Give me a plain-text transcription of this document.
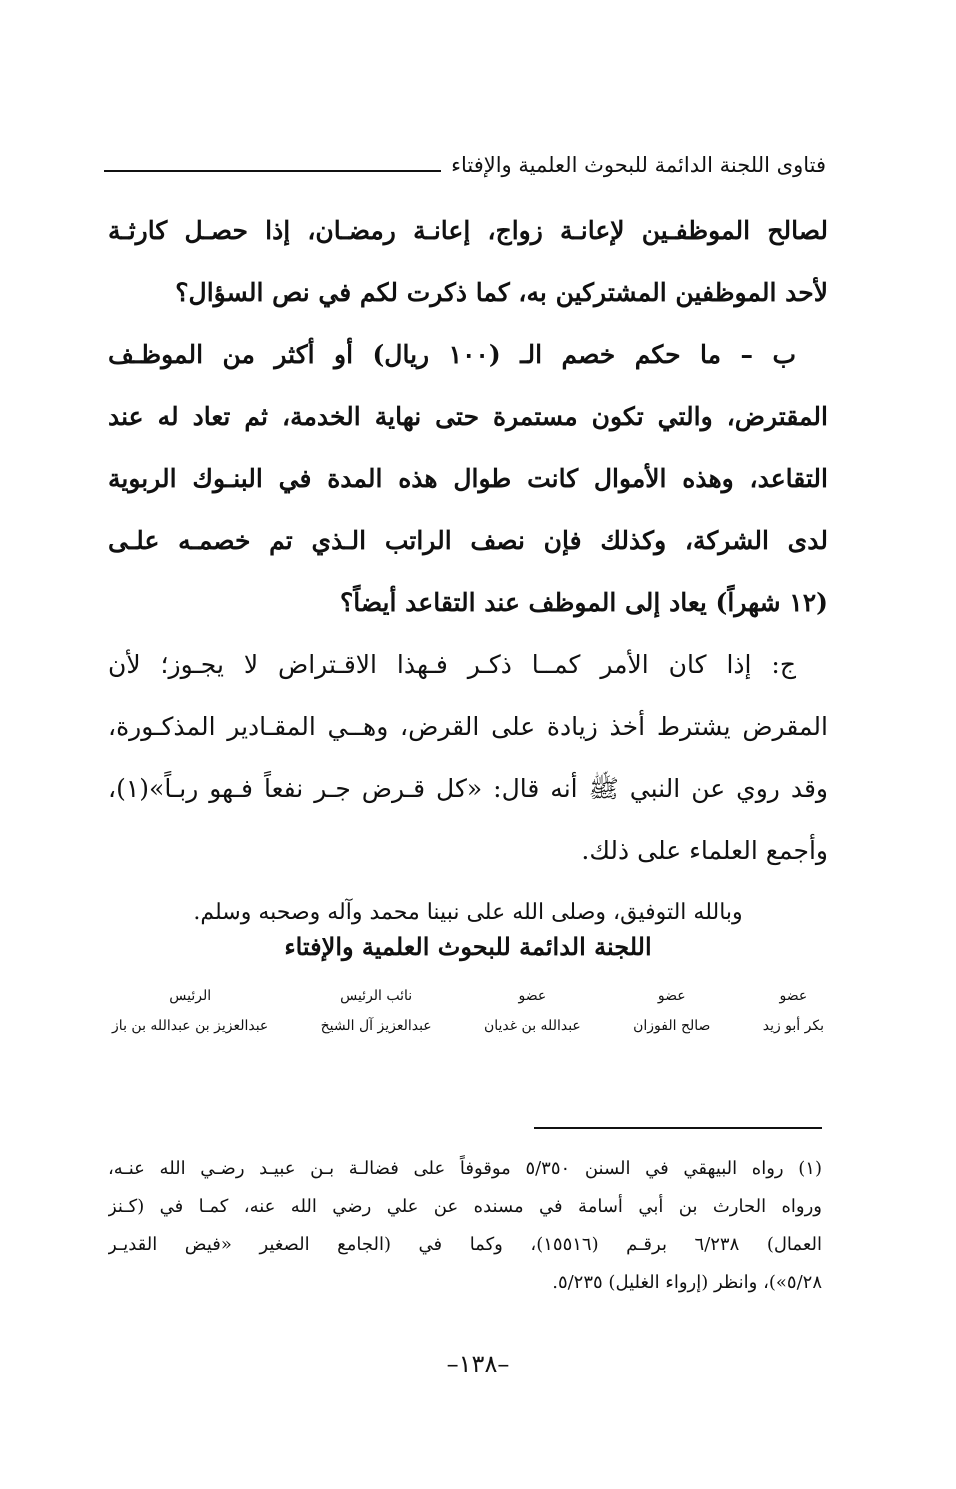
فتاوى اللجنة الدائمة للبحوث العلمية والإفتاء
لصالح الموظفـين لإعانـة زواج، إعانـة رمضـان، إذا حصـل كارثـة
لأحد الموظفين المشتركين به، كما ذكرت لكم في نص السؤال؟
ب – ما حكم خصم الـ (١٠٠ ريال) أو أكثر من الموظـف
المقترض، والتي تكون مستمرة حتى نهاية الخدمة، ثم تعاد له عند
التقاعد، وهذه الأموال كانت طوال هذه المدة في البنـوك الربوية
لدى الشركة، وكذلك فإن نصف الراتب الـذي تم خصمـه علـى
(١٢ شهراً) يعاد إلى الموظف عند التقاعد أيضاً؟
ج: إذا كان الأمر كمــا ذكـر فـهذا الاقـتراض لا يجـوز؛ لأن
المقرض يشترط أخذ زيادة على القرض، وهــي المقـادير المذكـورة،
وقد روي عن النبي ﷺ أنه قال: «كل قـرض جـر نفعاً فـهو ربـاً»(١)،
وأجمع العلماء على ذلك.
وبالله التوفيق، وصلى الله على نبينا محمد وآله وصحبه وسلم.
اللجنة الدائمة للبحوث العلمية والإفتاء
عضو
بكر أبو زيد
عضو
صالح الفوزان
عضو
عبدالله بن غديان
نائب الرئيس
عبدالعزيز آل الشيخ
الرئيس
عبدالعزيز بن عبدالله بن باز
(١) رواه البيهقي في السنن ٥/٣٥٠ موقوفاً على فضالـة بـن عبيـد رضـي الله عنـه،
ورواه الحارث بن أبي أسامة في مسنده عن علي رضي الله عنه، كمـا في (كـنز
العمال) ٦/٢٣٨ برقـم (١٥٥١٦)، وكما في (الجامع الصغير «فيض القديـر
٥/٢٨»)، وانظر (إرواء الغليل) ٥/٢٣٥.
–١٣٨–
